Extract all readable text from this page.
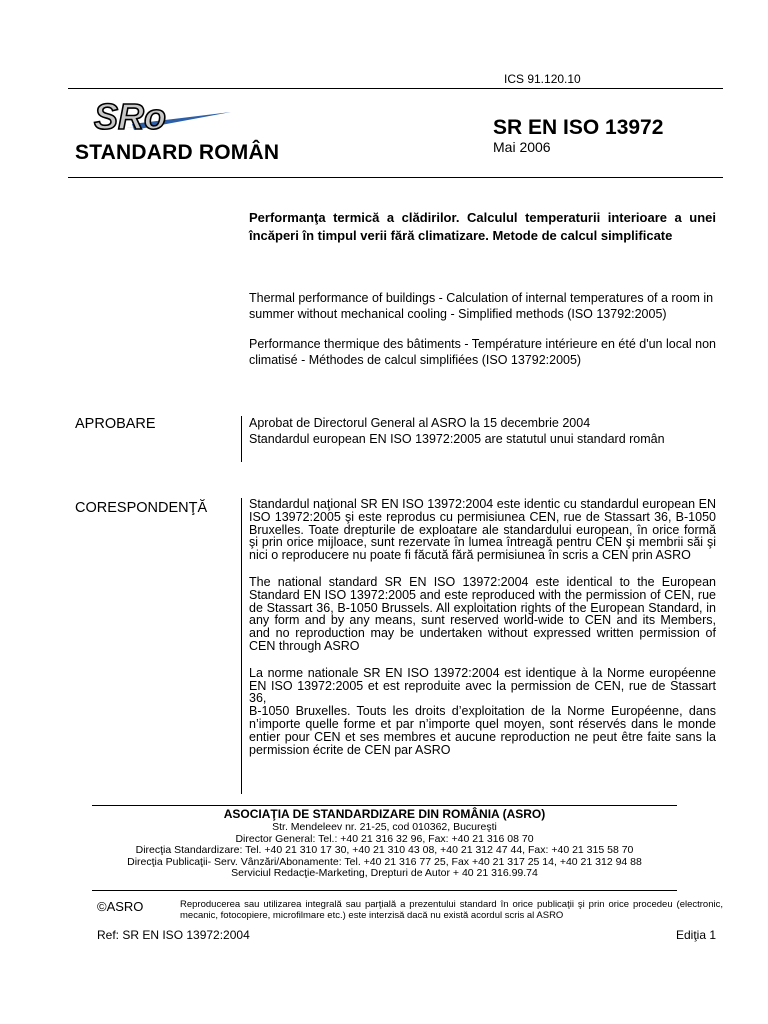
ICS 91.120.10
SRo
STANDARD ROMÂN
SR EN ISO 13972
Mai 2006
Performanţa termică a clădirilor. Calculul temperaturii interioare a unei încăperi în timpul verii fără climatizare. Metode de calcul simplificate
Thermal performance of buildings - Calculation of internal temperatures of a room in summer without mechanical cooling - Simplified methods (ISO 13792:2005)
Performance thermique des bâtiments - Température intérieure en été d'un local non climatisé - Méthodes de calcul simplifiées (ISO 13792:2005)
APROBARE	Aprobat de Directorul General al ASRO la 15 decembrie 2004

Standardul european EN ISO 13972:2005 are statutul unui standard român

CORESPONDENŢĂ	Standardul naţional SR EN ISO 13972:2004 este identic cu standardul european EN ISO 13972:2005 şi este reprodus cu permisiunea CEN, rue de Stassart 36, B-1050 Bruxelles. Toate drepturile de exploatare ale standardului european, în orice formă şi prin orice mijloace, sunt rezervate în lumea întreagă pentru CEN şi membrii săi şi nici o reproducere nu poate fi făcută fără permisiunea în scris a CEN prin ASRO

The national standard SR EN ISO 13972:2004 este identical to the European Standard EN ISO 13972:2005 and este reproduced with the permission of CEN, rue de Stassart 36, B-1050 Brussels. All exploitation rights of the European Standard, in any form and by any means, sunt reserved world-wide to CEN and its Members, and no reproduction may be undertaken without expressed written permission of CEN through ASRO

La norme nationale SR EN ISO 13972:2004 est identique à la Norme européenne EN ISO 13972:2005 et est reproduite avec la permission de CEN, rue de Stassart 36,

B-1050 Bruxelles. Touts les droits d’exploitation de la Norme Européenne, dans n’importe quelle forme et par n’importe quel moyen, sont réservés dans le monde entier pour CEN et ses membres et aucune reproduction ne peut être faite sans la permission écrite de CEN par ASRO

ASOCIAŢIA DE STANDARDIZARE DIN ROMÂNIA (ASRO)
Str. Mendeleev nr. 21-25, cod 010362, Bucureşti
Director General: Tel.: +40 21 316 32 96, Fax: +40 21 316 08 70
Direcţia Standardizare: Tel. +40 21 310 17 30, +40 21 310 43 08, +40 21 312 47 44, Fax: +40 21 315 58 70
Direcţia Publicaţii- Serv. Vânzări/Abonamente: Tel. +40 21 316 77 25, Fax +40 21 317 25 14, +40 21 312 94 88
Serviciul Redacţie-Marketing, Drepturi de Autor + 40 21 316.99.74
©ASRO	Reproducerea sau utilizarea integrală sau parţială a prezentului standard în orice publicaţii şi prin orice procedeu (electronic, mecanic, fotocopiere, microfilmare etc.) este interzisă dacă nu există acordul scris al ASRO
Ref: SR EN ISO 13972:2004	Ediţia 1
